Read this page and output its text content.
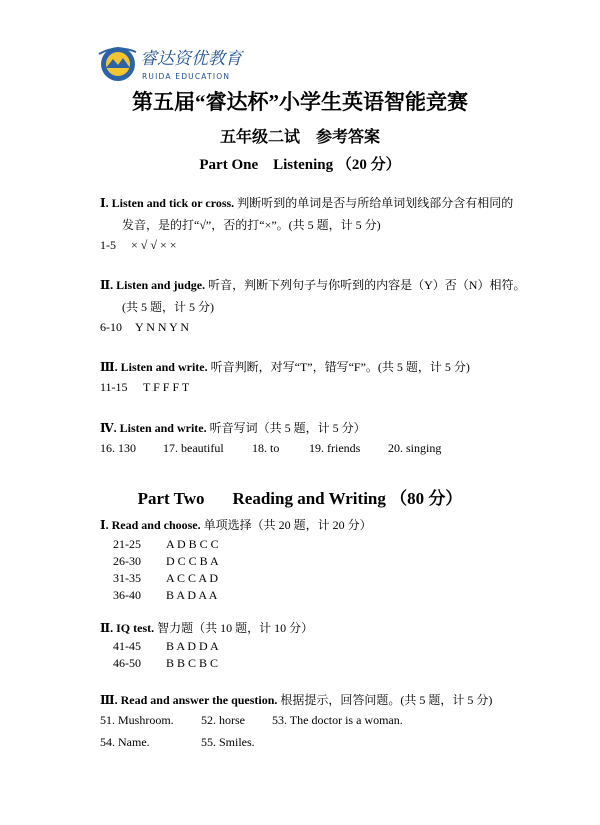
睿达资优教育
RUIDA EDUCATION
第五届“睿达杯”小学生英语智能竞赛
五年级二试　参考答案
Part One　Listening （20 分）
Ⅰ. Listen and tick or cross. 判断听到的单词是否与所给单词划线部分含有相同的
发音，是的打“√”，否的打“×”。(共 5 题，计 5 分)
1-5 × √ √ × ×
Ⅱ. Listen and judge. 听音，判断下列句子与你听到的内容是（Y）否（N）相符。
(共 5 题，计 5 分)
6-10 Y N N Y N
Ⅲ. Listen and write. 听音判断，对写“T”，错写“F”。(共 5 题，计 5 分)
11-15 T F F F T
Ⅳ. Listen and write. 听音写词（共 5 题，计 5 分）
16. 130 17. beautiful 18. to 19. friends 20. singing
Part Two Reading and Writing （80 分）
Ⅰ. Read and choose. 单项选择（共 20 题，计 20 分）
21-25 A D B C C
26-30 D C C B A
31-35 A C C A D
36-40 B A D A A
Ⅱ. IQ test. 智力题（共 10 题，计 10 分）
41-45 B A D D A
46-50 B B C B C
Ⅲ. Read and answer the question. 根据提示，回答问题。(共 5 题，计 5 分)
51. Mushroom. 52. horse 53. The doctor is a woman.
54. Name.	55. Smiles.
